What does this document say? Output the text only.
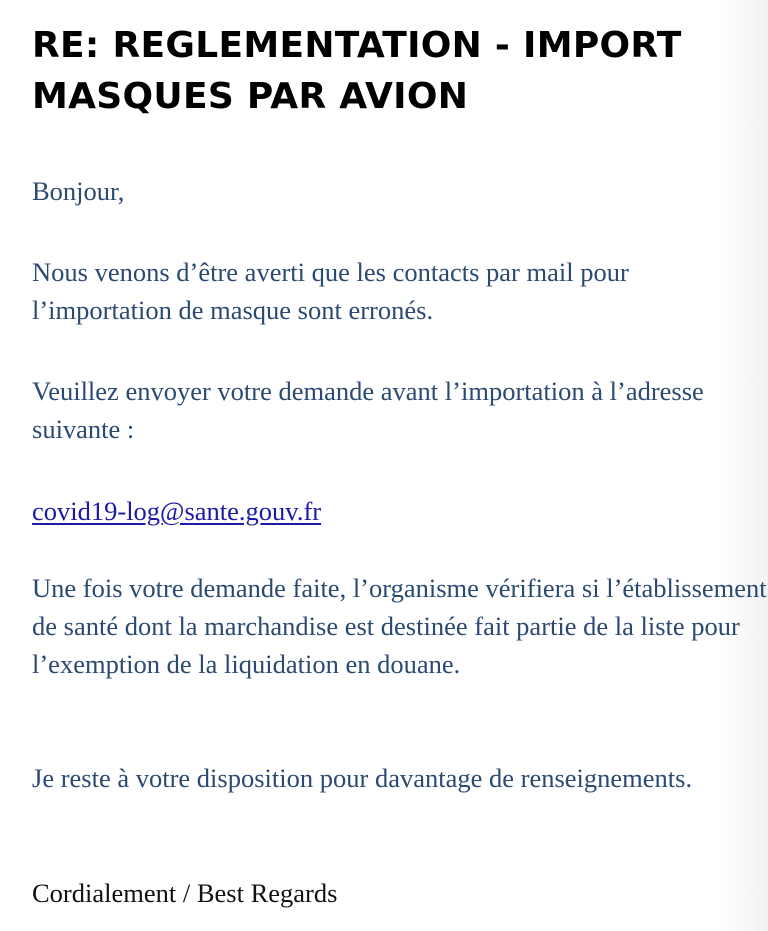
RE: REGLEMENTATION - IMPORT
MASQUES PAR AVION

Bonjour,

Nous venons d’être averti que les contacts par mail pour l’importation de masque sont erronés.

Veuillez envoyer votre demande avant l’importation à l’adresse suivante :

covid19-log@sante.gouv.fr

Une fois votre demande faite, l’organisme vérifiera si l’établissement de santé dont la marchandise est destinée fait partie de la liste pour l’exemption de la liquidation en douane.

Je reste à votre disposition pour davantage de renseignements.

Cordialement / Best Regards
